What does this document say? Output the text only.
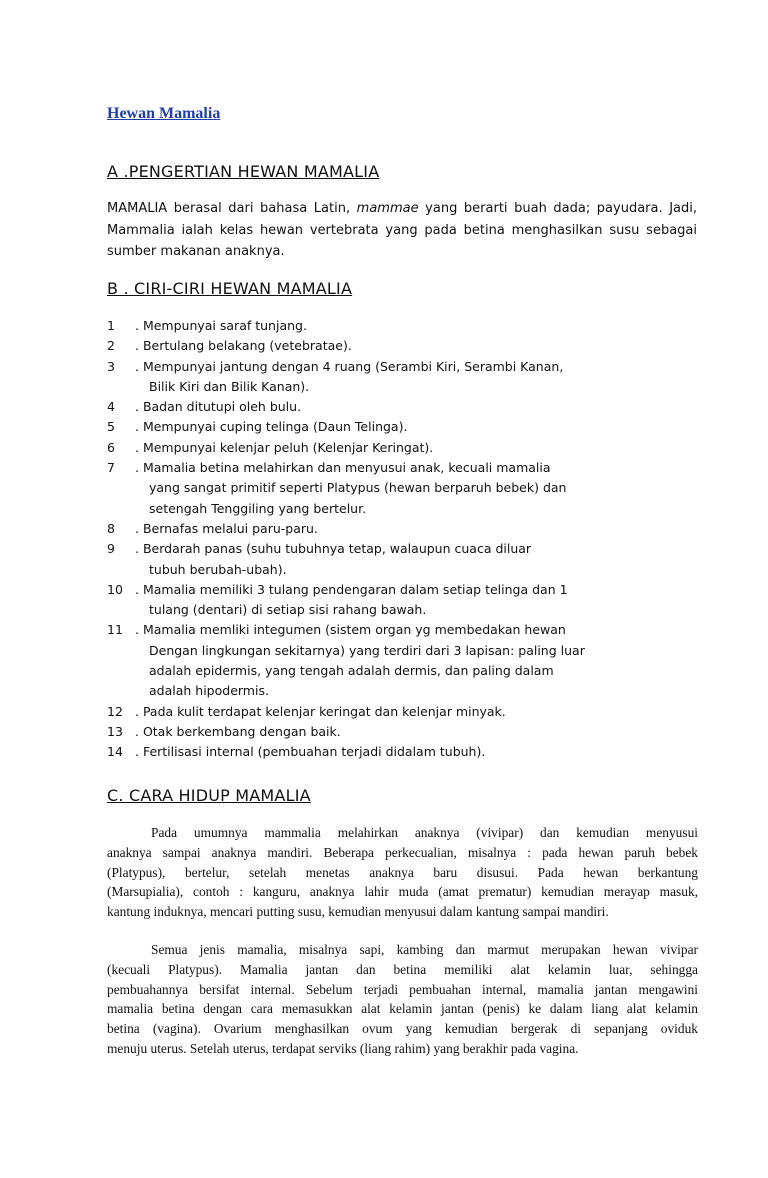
Hewan Mamalia
A .PENGERTIAN HEWAN MAMALIA
MAMALIA berasal dari bahasa Latin, mammae yang berarti buah dada; payudara. Jadi, Mammalia ialah kelas hewan vertebrata yang pada betina menghasilkan susu sebagai sumber makanan anaknya.
B . CIRI-CIRI HEWAN MAMALIA
1	. Mempunyai saraf tunjang.
2	. Bertulang belakang (vetebratae).
3	. Mempunyai jantung dengan 4 ruang (Serambi Kiri, Serambi Kanan,
Bilik Kiri dan Bilik Kanan).
4	. Badan ditutupi oleh bulu.
5	. Mempunyai cuping telinga (Daun Telinga).
6	. Mempunyai kelenjar peluh (Kelenjar Keringat).
7	. Mamalia betina melahirkan dan menyusui anak, kecuali mamalia
yang sangat primitif seperti Platypus (hewan berparuh bebek) dan
setengah Tenggiling yang bertelur.
8	. Bernafas melalui paru-paru.
9	. Berdarah panas (suhu tubuhnya tetap, walaupun cuaca diluar
tubuh berubah-ubah).
10 . Mamalia memiliki 3 tulang pendengaran dalam setiap telinga dan 1
tulang (dentari) di setiap sisi rahang bawah.
11 . Mamalia memliki integumen (sistem organ yg membedakan hewan
Dengan lingkungan sekitarnya) yang terdiri dari 3 lapisan: paling luar
adalah epidermis, yang tengah adalah dermis, dan paling dalam
adalah hipodermis.
12 . Pada kulit terdapat kelenjar keringat dan kelenjar minyak.
13 . Otak berkembang dengan baik.
14 . Fertilisasi internal (pembuahan terjadi didalam tubuh).
C. CARA HIDUP MAMALIA
Pada umumnya mammalia melahirkan anaknya (vivipar) dan kemudian menyusui
anaknya sampai anaknya mandiri. Beberapa perkecualian, misalnya : pada hewan paruh bebek
(Platypus), bertelur, setelah menetas anaknya baru disusui. Pada hewan berkantung
(Marsupialia), contoh : kanguru, anaknya lahir muda (amat prematur) kemudian merayap masuk,
kantung induknya, mencari putting susu, kemudian menyusui dalam kantung sampai mandiri.
Semua jenis mamalia, misalnya sapi, kambing dan marmut merupakan hewan vivipar
(kecuali Platypus). Mamalia jantan dan betina memiliki alat kelamin luar, sehingga
pembuahannya bersifat internal. Sebelum terjadi pembuahan internal, mamalia jantan mengawini
mamalia betina dengan cara memasukkan alat kelamin jantan (penis) ke dalam liang alat kelamin
betina (vagina). Ovarium menghasilkan ovum yang kemudian bergerak di sepanjang oviduk
menuju uterus. Setelah uterus, terdapat serviks (liang rahim) yang berakhir pada vagina.
